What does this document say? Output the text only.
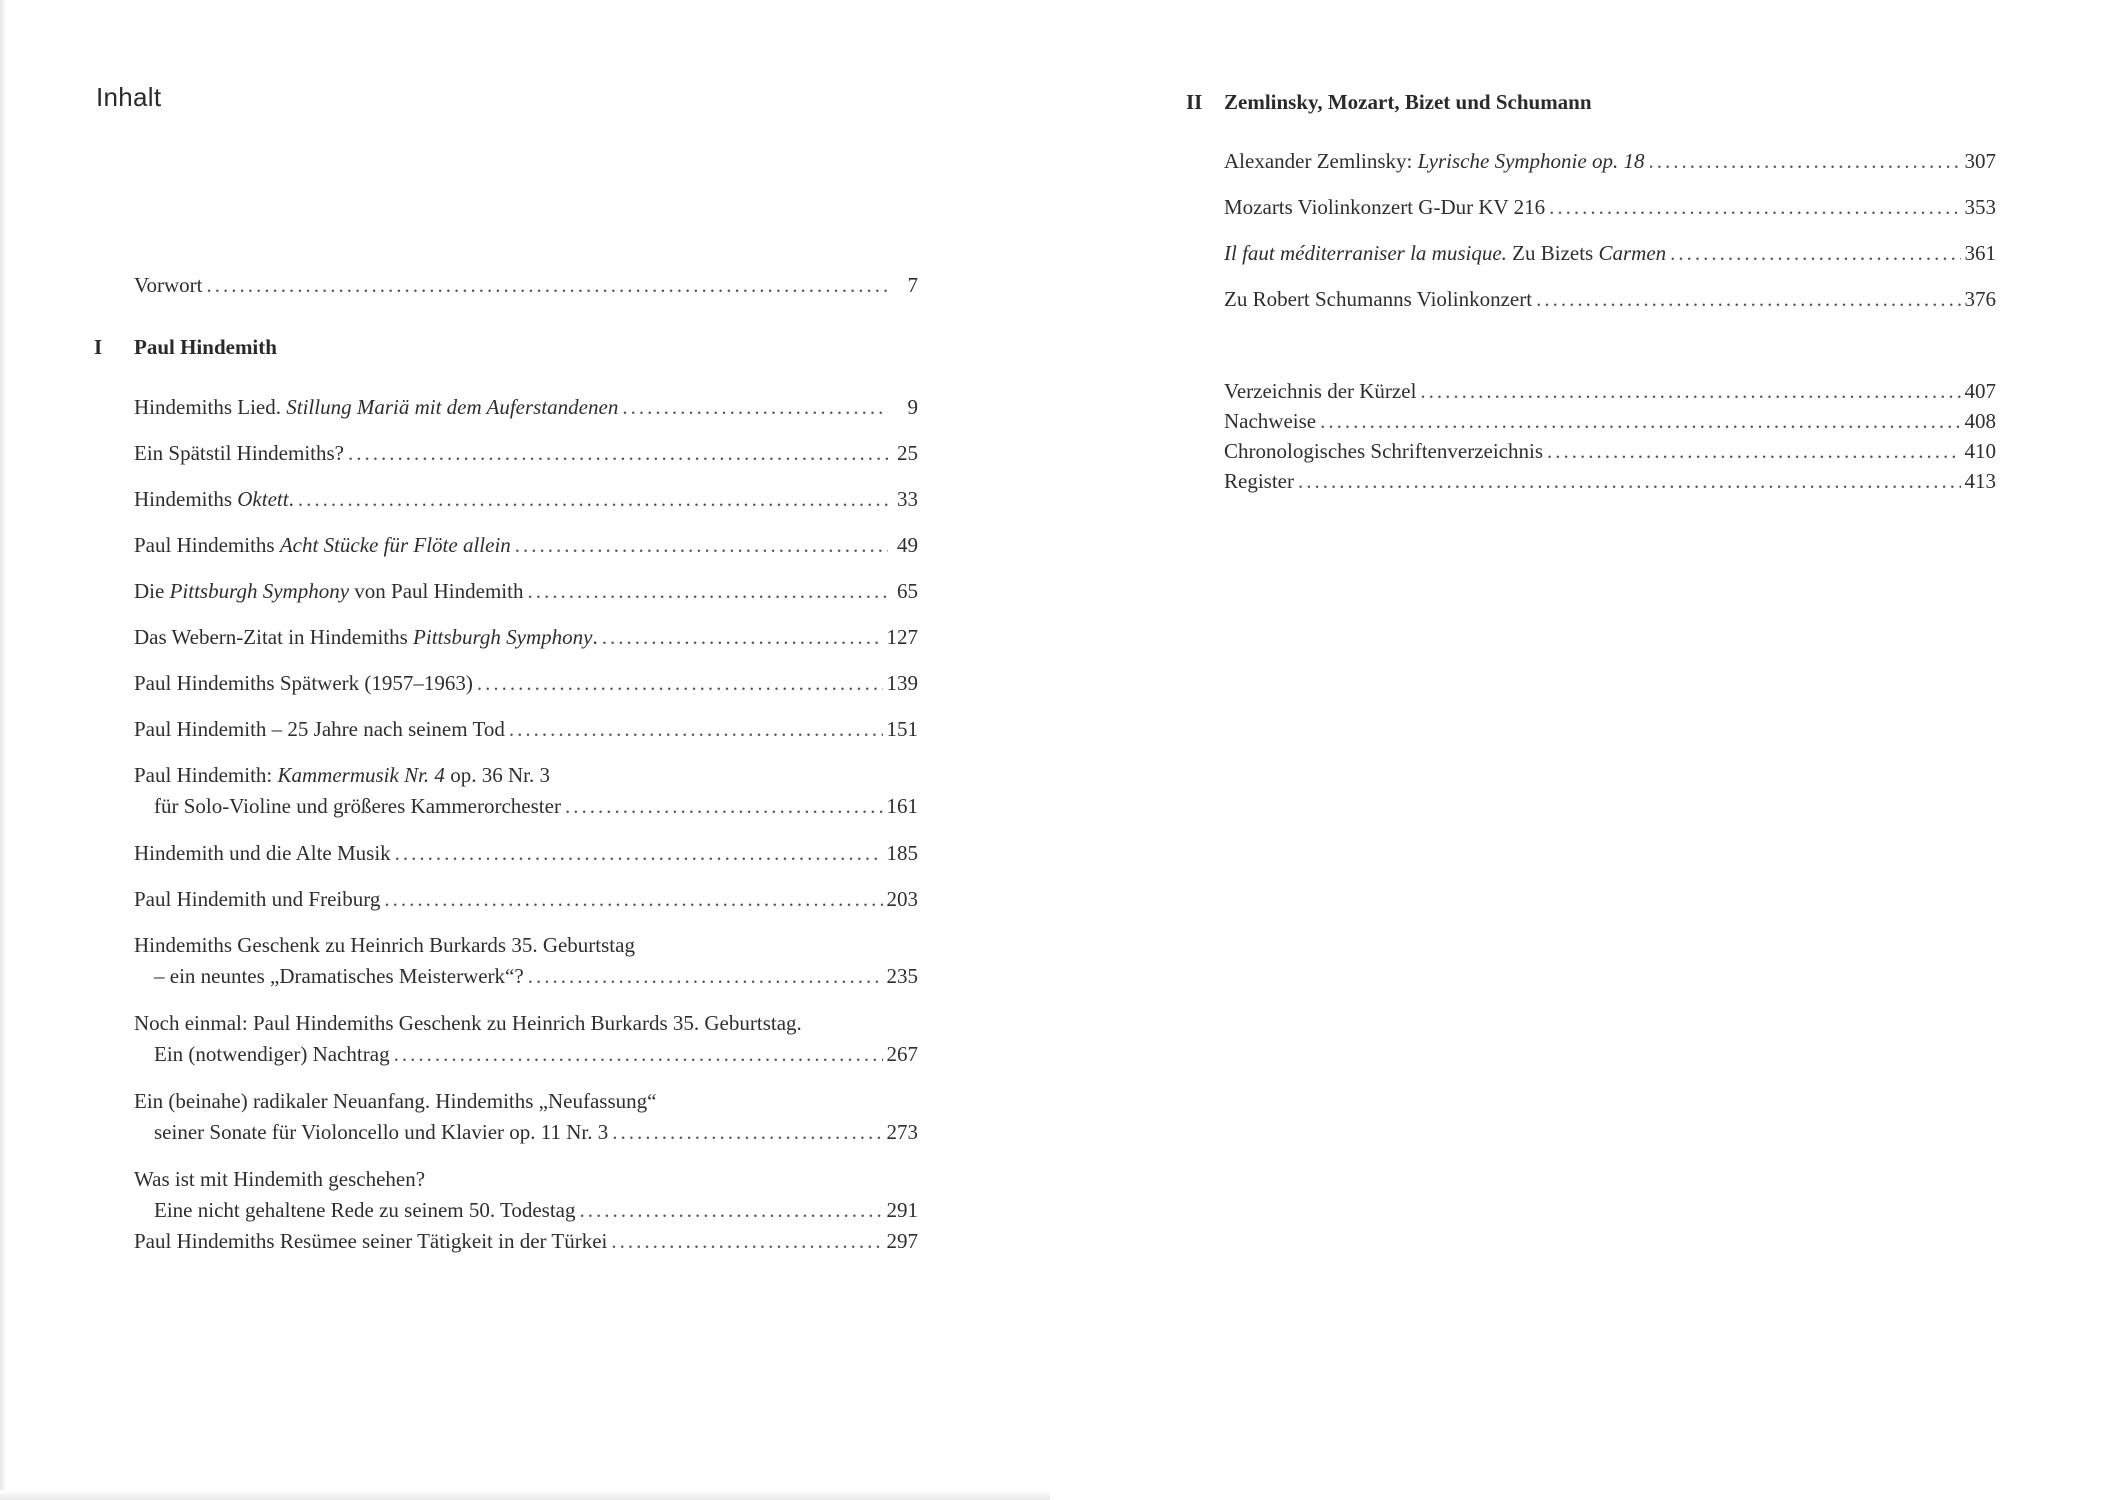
Inhalt
Vorwort .....	7
I Paul Hindemith
Hindemiths Lied. Stillung Mariä mit dem Auferstandenen .....	9
Ein Spätstil Hindemiths? .....	25
Hindemiths Oktett. .....	33
Paul Hindemiths Acht Stücke für Flöte allein .....	49
Die Pittsburgh Symphony von Paul Hindemith .....	65
Das Webern-Zitat in Hindemiths Pittsburgh Symphony. .....	127
Paul Hindemiths Spätwerk (1957–1963) .....	139
Paul Hindemith – 25 Jahre nach seinem Tod .....	151
Paul Hindemith: Kammermusik Nr. 4 op. 36 Nr. 3
für Solo-Violine und größeres Kammerorchester .....	161
Hindemith und die Alte Musik .....	185
Paul Hindemith und Freiburg .....	203
Hindemiths Geschenk zu Heinrich Burkards 35. Geburtstag
– ein neuntes „Dramatisches Meisterwerk“? .....	235
Noch einmal: Paul Hindemiths Geschenk zu Heinrich Burkards 35. Geburtstag.
Ein (notwendiger) Nachtrag .....	267
Ein (beinahe) radikaler Neuanfang. Hindemiths „Neufassung“
seiner Sonate für Violoncello und Klavier op. 11 Nr. 3 .....	273
Was ist mit Hindemith geschehen?
Eine nicht gehaltene Rede zu seinem 50. Todestag .....	291
Paul Hindemiths Resümee seiner Tätigkeit in der Türkei .....	297
II Zemlinsky, Mozart, Bizet und Schumann
Alexander Zemlinsky: Lyrische Symphonie op. 18 .....	307
Mozarts Violinkonzert G-Dur KV 216 .....	353
Il faut méditerraniser la musique. Zu Bizets Carmen .....	361
Zu Robert Schumanns Violinkonzert .....	376
Verzeichnis der Kürzel .....	407
Nachweise .....	408
Chronologisches Schriftenverzeichnis .....	410
Register .....	413
